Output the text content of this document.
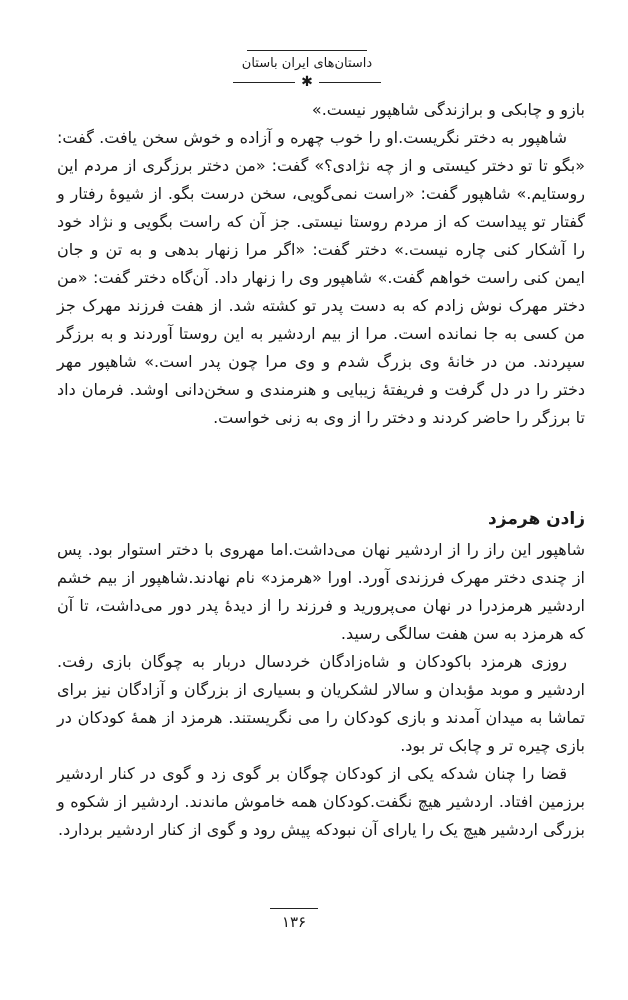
داستان‌های ایران باستان
✱

بازو و چابکی و برازندگی شاهپور نیست.»

شاهپور به دختر نگریست.او را خوب چهره و آزاده و خوش سخن یافت. گفت: «بگو تا تو دختر کیستی و از چه نژادی؟» گفت: «من دختر برزگری از مردم این روستایم.» شاهپور گفت: «راست نمی‌گویی، سخن درست بگو. از شیوهٔ رفتار و گفتار تو پیداست که از مردم روستا نیستی. جز آن که راست بگویی و نژاد خود را آشکار کنی چاره نیست.» دختر گفت: «اگر مرا زنهار بدهی و به تن و جان ایمن کنی راست خواهم گفت.» شاهپور وی را زنهار داد. آن‌گاه دختر گفت: «من دختر مهرک نوش زادم که به دست پدر تو کشته شد. از هفت فرزند مهرک جز من کسی به جا نمانده است. مرا از بیم اردشیر به این روستا آوردند و به برزگر سپردند. من در خانهٔ وی بزرگ شدم و وی مرا چون پدر است.» شاهپور مهر دختر را در دل گرفت و فریفتهٔ زیبایی و هنرمندی و سخن‌دانی اوشد. فرمان داد تا برزگر را حاضر کردند و دختر را از وی به زنی خواست.

زادن هرمزد

شاهپور این راز را از اردشیر نهان می‌داشت.اما مهروی با دختر استوار بود. پس از چندی دختر مهرک فرزندی آورد. اورا «هرمزد» نام نهادند.شاهپور از بیم خشم اردشیر هرمزدرا در نهان می‌پرورید و فرزند را از دیدهٔ پدر دور می‌داشت، تا آن که هرمزد به سن هفت سالگی رسید.

روزی هرمزد باکودکان و شاه‌زادگان خردسال دربار به چوگان بازی رفت. اردشیر و موبد مؤبدان و سالار لشکریان و بسیاری از بزرگان و آزادگان نیز برای تماشا به میدان آمدند و بازی کودکان را می نگریستند. هرمزد از همهٔ کودکان در بازی چیره تر و چابک تر بود.

قضا را چنان شدکه یکی از کودکان چوگان بر گوی زد و گوی در کنار اردشیر برزمین افتاد. اردشیر هیچ نگفت.کودکان همه خاموش ماندند. اردشیر از شکوه و بزرگی اردشیر هیچ یک را یارای آن نبودکه پیش رود و گوی از کنار اردشیر بردارد.

۱۳۶
